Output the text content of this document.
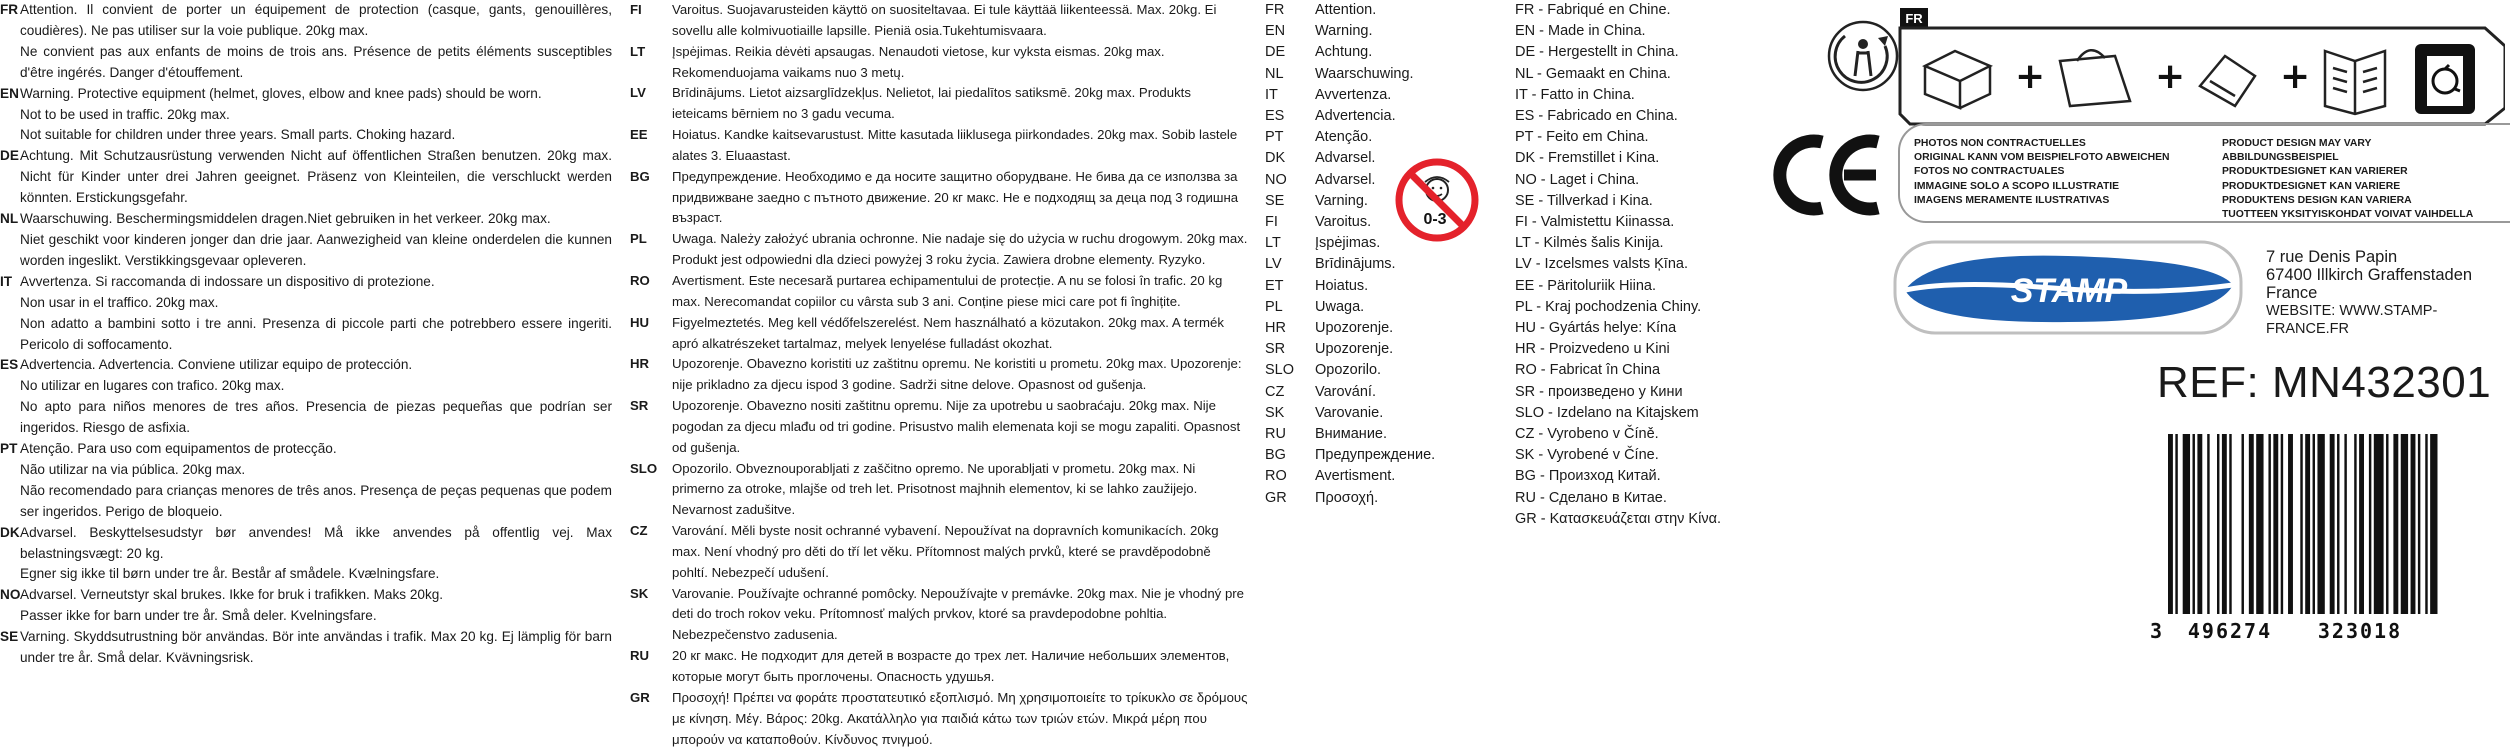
FR Attention. Il convient de porter un équipement de protection (casque, gants, genouillères, coudières). Ne pas utiliser sur la voie publique. 20kg max.
Ne convient pas aux enfants de moins de trois ans. Présence de petits éléments susceptibles d'être ingérés. Danger d'étouffement.
EN Warning. Protective equipment (helmet, gloves, elbow and knee pads) should be worn.
Not to be used in traffic. 20kg max.
Not suitable for children under three years. Small parts. Choking hazard.
DE Achtung. Mit Schutzausrüstung verwenden Nicht auf öffentlichen Straßen benutzen. 20kg max. Nicht für Kinder unter drei Jahren geeignet. Präsenz von Kleinteilen, die verschluckt werden könnten. Erstickungsgefahr.
NL Waarschuwing. Beschermingsmiddelen dragen.Niet gebruiken in het verkeer. 20kg max.
Niet geschikt voor kinderen jonger dan drie jaar. Aanwezigheid van kleine onderdelen die kunnen worden ingeslikt. Verstikkingsgevaar opleveren.
IT Avvertenza. Si raccomanda di indossare un dispositivo di protezione.
Non usar in el traffico. 20kg max.
Non adatto a bambini sotto i tre anni. Presenza di piccole parti che potrebbero essere ingeriti. Pericolo di soffocamento.
ES Advertencia. Advertencia. Conviene utilizar equipo de protección.
No utilizar en lugares con trafico. 20kg max.
No apto para niños menores de tres años. Presencia de piezas pequeñas que podrían ser ingeridos. Riesgo de asfixia.
PT Atenção. Para uso com equipamentos de protecção.
Não utilizar na via pública. 20kg max.
Não recomendado para crianças menores de três anos. Presença de peças pequenas que podem ser ingeridos. Perigo de bloqueio.
DK Advarsel. Beskyttelsesudstyr bør anvendes! Må ikke anvendes på offentlig vej. Max belastningsvægt: 20 kg.
Egner sig ikke til børn under tre år. Består af smådele. Kvælningsfare.
NO Advarsel. Verneutstyr skal brukes. Ikke for bruk i trafikken. Maks 20kg.
Passer ikke for barn under tre år. Små deler. Kvelningsfare.
SE Varning. Skyddsutrustning bör användas. Bör inte användas i trafik. Max 20 kg. Ej lämplig för barn under tre år. Små delar. Kvävningsrisk.
FI	Varoitus. Suojavarusteiden käyttö on suositeltavaa. Ei tule käyttää liikenteessä. Max. 20kg. Ei sovellu alle kolmivuotiaille lapsille. Pieniä osia.Tukehtumisvaara.
LT	Įspėjimas. Reikia dėvėti apsaugas. Nenaudoti vietose, kur vyksta eismas. 20kg max. Rekomenduojama vaikams nuo 3 metų.
LV	Brīdinājums. Lietot aizsarglīdzekļus. Nelietot, lai piedalītos satiksmē. 20kg max. Produkts ieteicams bērniem no 3 gadu vecuma.
EE	Hoiatus. Kandke kaitsevarustust. Mitte kasutada liiklusega piirkondades. 20kg max. Sobib lastele alates 3. Eluaastast.
BG	Предупреждение. Необходимо е да носите защитно оборудване. Не бива да се използва за придвижване заедно с пътното движение. 20 кг макс. Не е подходящ за деца под 3 годишна възраст.
PL	Uwaga. Należy założyć ubrania ochronne. Nie nadaje się do użycia w ruchu drogowym. 20kg max. Produkt jest odpowiedni dla dzieci powyżej 3 roku życia. Zawiera drobne elementy. Ryzyko.
RO	Avertisment. Este necesară purtarea echipamentului de protecție. A nu se folosi în trafic. 20 kg max. Nerecomandat copiilor cu vârsta sub 3 ani. Conține piese mici care pot fi înghițite.
HU	Figyelmeztetés. Meg kell védőfelszerelést. Nem használható a közutakon. 20kg max. A termék apró alkatrészeket tartalmaz, melyek lenyelése fulladást okozhat.
HR	Upozorenje. Obavezno koristiti uz zaštitnu opremu. Ne koristiti u prometu. 20kg max. Upozorenje: nije prikladno za djecu ispod 3 godine. Sadrži sitne delove. Opasnost od gušenja.
SR	Upozorenje. Obavezno nositi zaštitnu opremu. Nije za upotrebu u saobraćaju. 20kg max. Nije pogodan za djecu mlađu od tri godine. Prisustvo malih elemenata koji se mogu zapaliti. Opasnost od gušenja.
SLO	Opozorilo. Obveznouporabljati z zaščitno opremo. Ne uporabljati v prometu. 20kg max. Ni primerno za otroke, mlajše od treh let. Prisotnost majhnih elementov, ki se lahko zaužijejo. Nevarnost zadušitve.
CZ	Varování. Měli byste nosit ochranné vybavení. Nepoužívat na dopravních komunikacích. 20kg max. Není vhodný pro děti do tří let věku. Přítomnost malých prvků, které se pravděpodobně pohltí. Nebezpečí udušení.
SK	Varovanie. Používajte ochranné pomôcky. Nepoužívajte v premávke. 20kg max. Nie je vhodný pre deti do troch rokov veku. Prítomnosť malých prvkov, ktoré sa pravdepodobne pohltia. Nebezpečenstvo zadusenia.
RU	20 кг макс. Не подходит для детей в возрасте до трех лет. Наличие небольших элементов, которые могут быть проглочены. Опасность удушья.
GR	Προσοχή! Πρέπει να φοράτε προστατευτικό εξοπλισμό. Μη χρησιμοποιείτε το τρίκυκλο σε δρόμους με κίνηση. Μέγ. Βάρος: 20kg. Ακατάλληλο για παιδιά κάτω των τριών ετών. Μικρά μέρη που μπορούν να καταποθούν. Κίνδυνος πνιγμού.
FR	Attention.
EN	Warning.
DE	Achtung.
NL	Waarschuwing.
IT	Avvertenza.
ES	Advertencia.
PT	Atenção.
DK	Advarsel.
NO	Advarsel.
SE	Varning.
FI	Varoitus.
LT	Įspėjimas.
LV	Brīdinājums.
ET	Hoiatus.
PL	Uwaga.
HR	Upozorenje.
SR	Upozorenje.
SLO	Opozorilo.
CZ	Varování.
SK	Varovanie.
RU	Внимание.
BG	Предупреждение.
RO	Avertisment.
GR	Προσοχή.
FR - Fabriqué en Chine.
EN - Made in China.
DE - Hergestellt in China.
NL - Gemaakt en China.
IT - Fatto in China.
ES - Fabricado en China.
PT - Feito em China.
DK - Fremstillet i Kina.
NO - Laget i China.
SE - Tillverkad i Kina.
FI - Valmistettu Kiinassa.
LT - Kilmės šalis Kinija.
LV - Izcelsmes valsts Ķīna.
EE - Päritoluriik Hiina.
PL - Kraj pochodzenia Chiny.
HU - Gyártás helye: Kína
HR - Proizvedeno u Kini
RO - Fabricat în China
SR - произведено у Кини
SLO - Izdelano na Kitajskem
CZ - Vyrobeno v Číně.
SK - Vyrobené v Číne.
BG - Произход Китай.
RU - Сделано в Китае.
GR - Κατασκευάζεται στην Κίνα.
0-3
FR
+	+	+
CE
PHOTOS NON CONTRACTUELLES
ORIGINAL KANN VOM BEISPIELFOTO ABWEICHEN
FOTOS NO CONTRACTUALES
IMMAGINE SOLO A SCOPO ILLUSTRATIE
IMAGENS MERAMENTE ILUSTRATIVAS
PRODUCT DESIGN MAY VARY
ABBILDUNGSBEISPIEL
PRODUKTDESIGNET KAN VARIERER
PRODUKTDESIGNET KAN VARIERE
PRODUKTENS DESIGN KAN VARIERA
TUOTTEEN YKSITYISKOHDAT VOIVAT VAIHDELLA
STAMP
7 rue Denis Papin
67400 Illkirch Graffenstaden
France
WEBSITE: WWW.STAMP-FRANCE.FR
REF: MN432301
3 496274 323018
